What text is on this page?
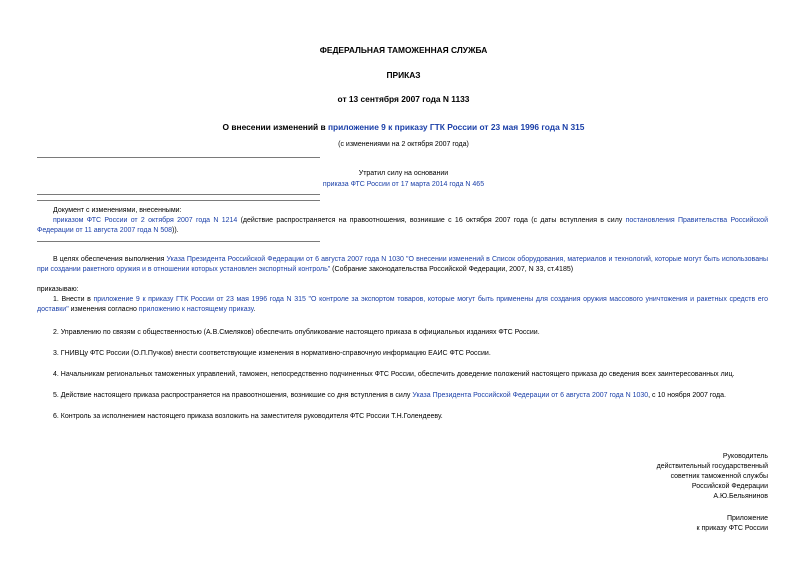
ФЕДЕРАЛЬНАЯ ТАМОЖЕННАЯ СЛУЖБА
ПРИКАЗ
от 13 сентября 2007 года N 1133
О внесении изменений в приложение 9 к приказу ГТК России от 23 мая 1996 года N 315
(с изменениями на 2 октября 2007 года)
Утратил силу на основании
приказа ФТС России от 17 марта 2014 года N 465
Документ с изменениями, внесенными:
приказом ФТС России от 2 октября 2007 года N 1214 (действие распространяется на правоотношения, возникшие с 16 октября 2007 года (с даты вступления в силу постановления Правительства Российской Федерации от 11 августа 2007 года N 508)).
В целях обеспечения выполнения Указа Президента Российской Федерации от 6 августа 2007 года N 1030 "О внесении изменений в Список оборудования, материалов и технологий, которые могут быть использованы при создании ракетного оружия и в отношении которых установлен экспортный контроль" (Собрание законодательства Российской Федерации, 2007, N 33, ст.4185)
приказываю:
1. Внести в приложение 9 к приказу ГТК России от 23 мая 1996 года N 315 "О контроле за экспортом товаров, которые могут быть применены для создания оружия массового уничтожения и ракетных средств его доставки" изменения согласно приложению к настоящему приказу.
2. Управлению по связям с общественностью (А.В.Смеляков) обеспечить опубликование настоящего приказа в официальных изданиях ФТС России.
3. ГНИВЦу ФТС России (О.П.Пучков) внести соответствующие изменения в нормативно-справочную информацию ЕАИС ФТС России.
4. Начальникам региональных таможенных управлений, таможен, непосредственно подчиненных ФТС России, обеспечить доведение положений настоящего приказа до сведения всех заинтересованных лиц.
5. Действие настоящего приказа распространяется на правоотношения, возникшие со дня вступления в силу Указа Президента Российской Федерации от 6 августа 2007 года N 1030, с 10 ноября 2007 года.
6. Контроль за исполнением настоящего приказа возложить на заместителя руководителя ФТС России Т.Н.Голендееву.
Руководитель
действительный государственный
советник таможенной службы
Российской Федерации
А.Ю.Бельянинов
Приложение
к приказу ФТС России
